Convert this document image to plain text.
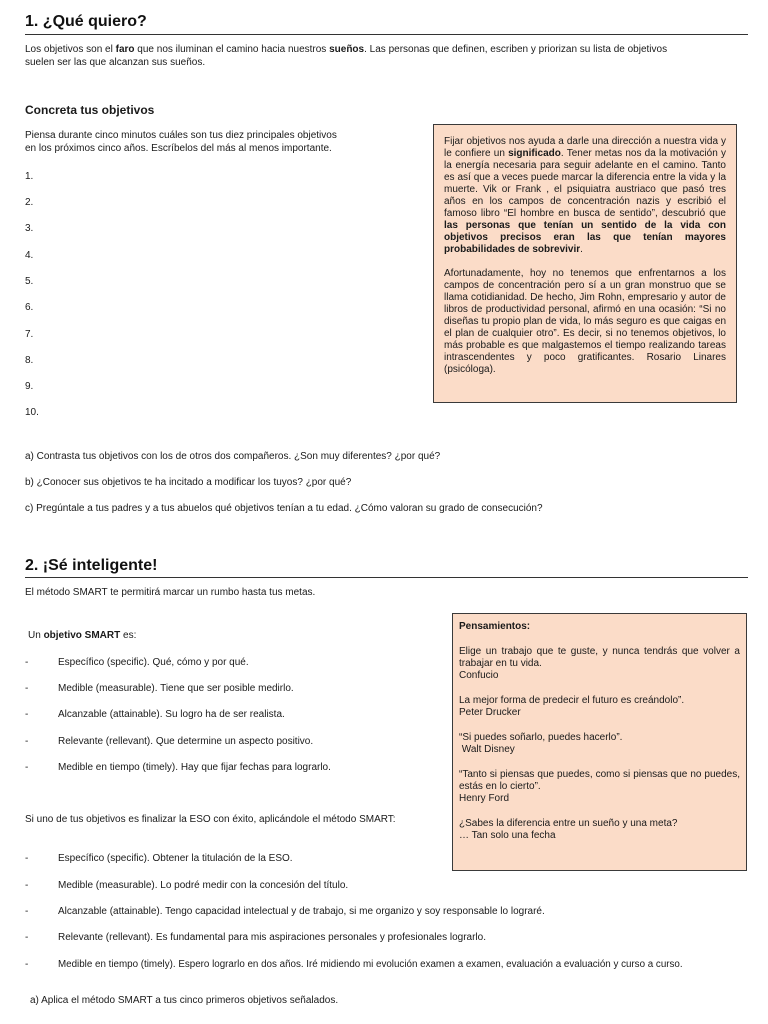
1. ¿Qué quiero?
Los objetivos son el faro que nos iluminan el camino hacia nuestros sueños. Las personas que definen, escriben y priorizan su lista de objetivos
suelen ser las que alcanzan sus sueños.
Concreta tus objetivos
Piensa durante cinco minutos cuáles son tus diez principales objetivos
en los próximos cinco años. Escríbelos del más al menos importante.
1.
2.
3.
4.
5.
6.
7.
8.
9.
10.

Fijar objetivos nos ayuda a darle una dirección a nuestra vida y le confiere un significado. Tener metas nos da la motivación y la energía necesaria para seguir adelante en el camino. Tanto es así que a veces puede marcar la diferencia entre la vida y la muerte. Vik or Frank , el psiquiatra austriaco que pasó tres años en los campos de concentración nazis y escribió el famoso libro “El hombre en busca de sentido”, descubrió que las personas que tenían un sentido de la vida con objetivos precisos eran las que tenían mayores probabilidades de sobrevivir.

Afortunadamente, hoy no tenemos que enfrentarnos a los campos de concentración pero sí a un gran monstruo que se llama cotidianidad. De hecho, Jim Rohn, empresario y autor de libros de productividad personal, afirmó en una ocasión: “Si no diseñas tu propio plan de vida, lo más seguro es que caigas en el plan de cualquier otro”. Es decir, si no tenemos objetivos, lo más probable es que malgastemos el tiempo realizando tareas intrascendentes y poco gratificantes. Rosario Linares (psicóloga).

a) Contrasta tus objetivos con los de otros dos compañeros. ¿Son muy diferentes? ¿por qué?
b) ¿Conocer sus objetivos te ha incitado a modificar los tuyos? ¿por qué?
c) Pregúntale a tus padres y a tus abuelos qué objetivos tenían a tu edad. ¿Cómo valoran su grado de consecución?
2. ¡Sé inteligente!
El método SMART te permitirá marcar un rumbo hasta tus metas.
Un objetivo SMART es:
-	Específico (specific). Qué, cómo y por qué.
-	Medible (measurable). Tiene que ser posible medirlo.
-	Alcanzable (attainable). Su logro ha de ser realista.
-	Relevante (rellevant). Que determine un aspecto positivo.
-	Medible en tiempo (timely). Hay que fijar fechas para lograrlo.
Si uno de tus objetivos es finalizar la ESO con éxito, aplicándole el método SMART:
-	Específico (specific). Obtener la titulación de la ESO.
-	Medible (measurable). Lo podré medir con la concesión del título.
-	Alcanzable (attainable). Tengo capacidad intelectual y de trabajo, si me organizo y soy responsable lo lograré.
-	Relevante (rellevant). Es fundamental para mis aspiraciones personales y profesionales lograrlo.
-	Medible en tiempo (timely). Espero lograrlo en dos años. Iré midiendo mi evolución examen a examen, evaluación a evaluación y curso a curso.
a) Aplica el método SMART a tus cinco primeros objetivos señalados.
Pensamientos:
Elige un trabajo que te guste, y nunca tendrás que volver a trabajar en tu vida.
Confucio
La mejor forma de predecir el futuro es creándolo”.
Peter Drucker
“Si puedes soñarlo, puedes hacerlo”.
Walt Disney
“Tanto si piensas que puedes, como si piensas que no puedes, estás en lo cierto”.
Henry Ford
¿Sabes la diferencia entre un sueño y una meta?
… Tan solo una fecha
